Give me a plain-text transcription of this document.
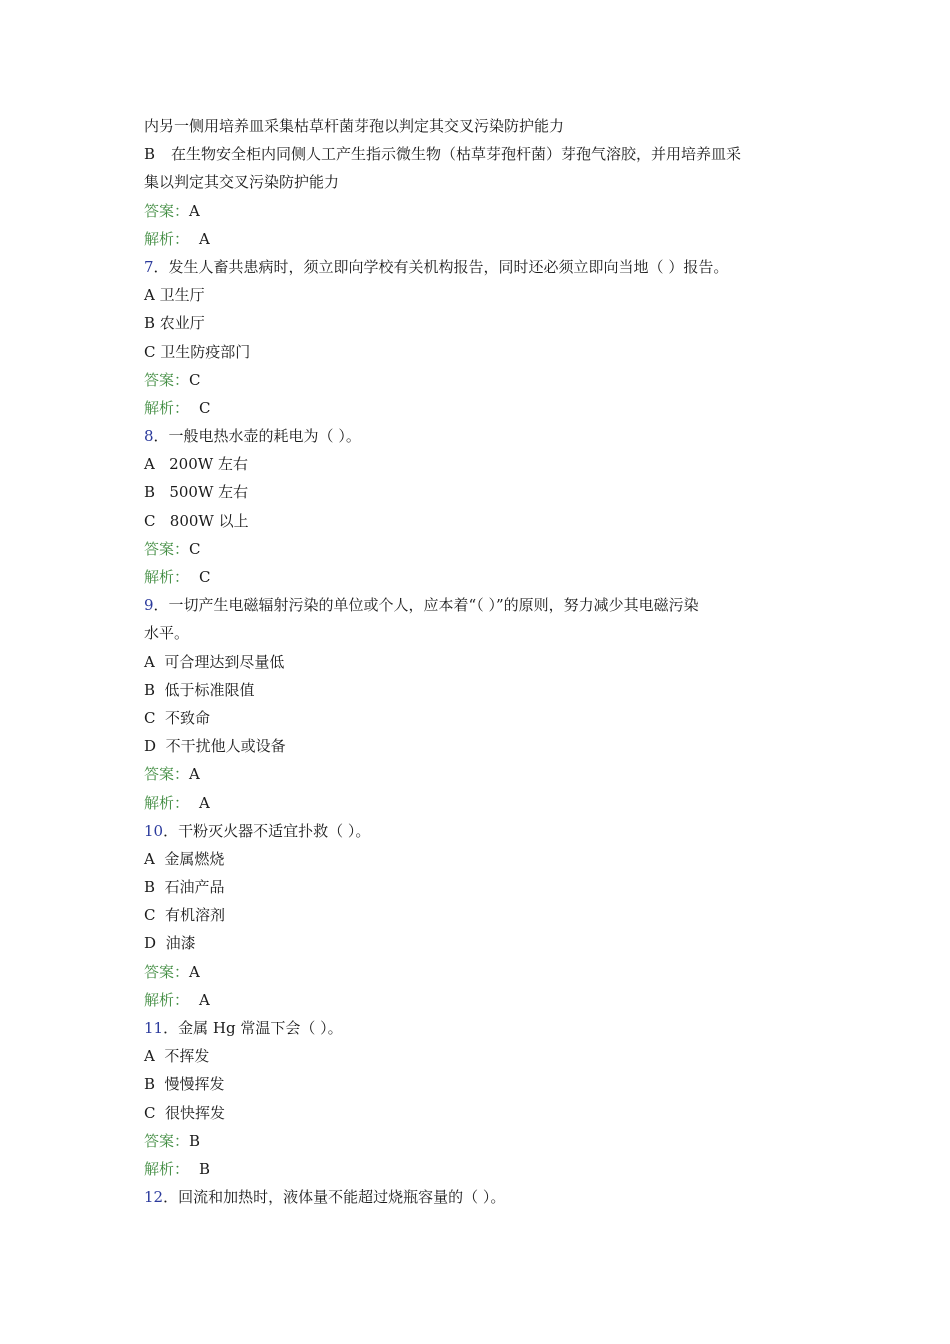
内另一侧用培养皿采集枯草杆菌芽孢以判定其交叉污染防护能力
B 在生物安全柜内同侧人工产生指示微生物（枯草芽孢杆菌）芽孢气溶胶，并用培养皿采
集以判定其交叉污染防护能力
答案：A
解析： A
7．发生人畜共患病时，须立即向学校有关机构报告，同时还必须立即向当地（ ）报告。
A 卫生厅
B 农业厅
C 卫生防疫部门
答案：C
解析： C
8．一般电热水壶的耗电为（ ）。
A   200W 左右
B   500W 左右
C   800W 以上
答案：C
解析： C
9．一切产生电磁辐射污染的单位或个人，应本着“（ ）”的原则，努力减少其电磁污染
水平。
A  可合理达到尽量低
B  低于标准限值
C  不致命
D  不干扰他人或设备
答案：A
解析： A
10．干粉灭火器不适宜扑救（ ）。
A  金属燃烧
B  石油产品
C  有机溶剂
D  油漆
答案：A
解析： A
11．金属 Hg 常温下会（ ）。
A  不挥发
B  慢慢挥发
C  很快挥发
答案：B
解析： B
12．回流和加热时，液体量不能超过烧瓶容量的（ ）。
